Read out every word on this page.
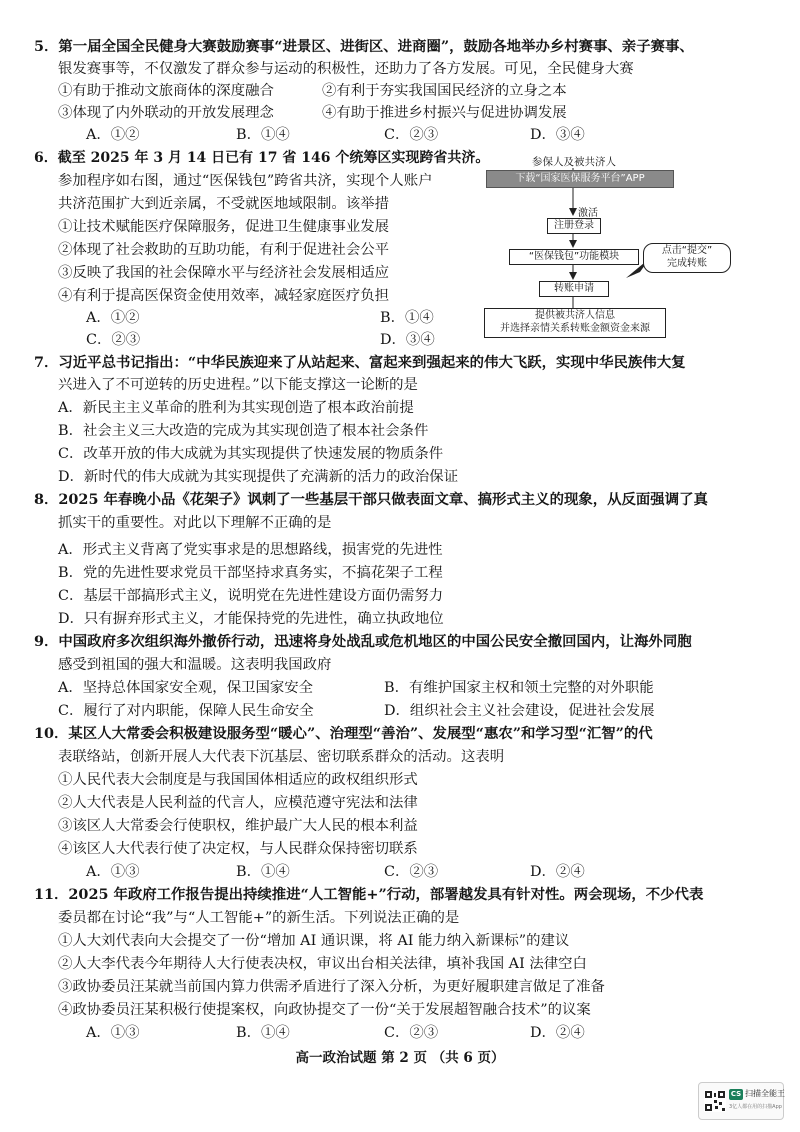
5．第一届全国全民健身大赛鼓励赛事“进景区、进街区、进商圈”，鼓励各地举办乡村赛事、亲子赛事、
银发赛事等，不仅激发了群众参与运动的积极性，还助力了各方发展。可见，全民健身大赛
①有助于推动文旅商体的深度融合	②有利于夯实我国国民经济的立身之本
③体现了内外联动的开放发展理念	④有助于推进乡村振兴与促进协调发展
A．①②	B．①④	C．②③	D．③④
6．截至 2025 年 3 月 14 日已有 17 省 146 个统筹区实现跨省共济。
参加程序如右图，通过“医保钱包”跨省共济，实现个人账户
共济范围扩大到近亲属，不受就医地域限制。该举措
①让技术赋能医疗保障服务，促进卫生健康事业发展
②体现了社会救助的互助功能，有利于促进社会公平
③反映了我国的社会保障水平与经济社会发展相适应
④有利于提高医保资金使用效率，减轻家庭医疗负担
A．①②	B．①④
C．②③	D．③④
参保人及被共济人
下载“国家医保服务平台”APP
注册登录
激活
“医保钱包”功能模块
转账申请
点击“提交”
完成转账
提供被共济人信息
并选择亲情关系转账金额资金来源
7．习近平总书记指出：“中华民族迎来了从站起来、富起来到强起来的伟大飞跃，实现中华民族伟大复
兴进入了不可逆转的历史进程。”以下能支撑这一论断的是
A．新民主主义革命的胜利为其实现创造了根本政治前提
B．社会主义三大改造的完成为其实现创造了根本社会条件
C．改革开放的伟大成就为其实现提供了快速发展的物质条件
D．新时代的伟大成就为其实现提供了充满新的活力的政治保证
8．2025 年春晚小品《花架子》讽刺了一些基层干部只做表面文章、搞形式主义的现象，从反面强调了真
抓实干的重要性。对此以下理解不正确的是
A．形式主义背离了党实事求是的思想路线，损害党的先进性
B．党的先进性要求党员干部坚持求真务实，不搞花架子工程
C．基层干部搞形式主义，说明党在先进性建设方面仍需努力
D．只有摒弃形式主义，才能保持党的先进性，确立执政地位
9．中国政府多次组织海外撤侨行动，迅速将身处战乱或危机地区的中国公民安全撤回国内，让海外同胞
感受到祖国的强大和温暖。这表明我国政府
A．坚持总体国家安全观，保卫国家安全	B．有维护国家主权和领土完整的对外职能
C．履行了对内职能，保障人民生命安全	D．组织社会主义社会建设，促进社会发展
10．某区人大常委会积极建设服务型“暖心”、治理型“善治”、发展型“惠农”和学习型“汇智”的代
表联络站，创新开展人大代表下沉基层、密切联系群众的活动。这表明
①人民代表大会制度是与我国国体相适应的政权组织形式
②人大代表是人民利益的代言人，应模范遵守宪法和法律
③该区人大常委会行使职权，维护最广大人民的根本利益
④该区人大代表行使了决定权，与人民群众保持密切联系
A．①③	B．①④	C．②③	D．②④
11．2025 年政府工作报告提出持续推进“人工智能+”行动，部署越发具有针对性。两会现场，不少代表
委员都在讨论“我”与“人工智能+”的新生活。下列说法正确的是
①人大刘代表向大会提交了一份“增加 AI 通识课，将 AI 能力纳入新课标”的建议
②人大李代表今年期待人大行使表决权，审议出台相关法律，填补我国 AI 法律空白
③政协委员汪某就当前国内算力供需矛盾进行了深入分析，为更好履职建言做足了准备
④政协委员汪某积极行使提案权，向政协提交了一份“关于发展超智融合技术”的议案
A．①③	B．①④	C．②③	D．②④
高一政治试题 第 2 页 （共 6 页）
CS 扫描全能王
3亿人都在用的扫描App
